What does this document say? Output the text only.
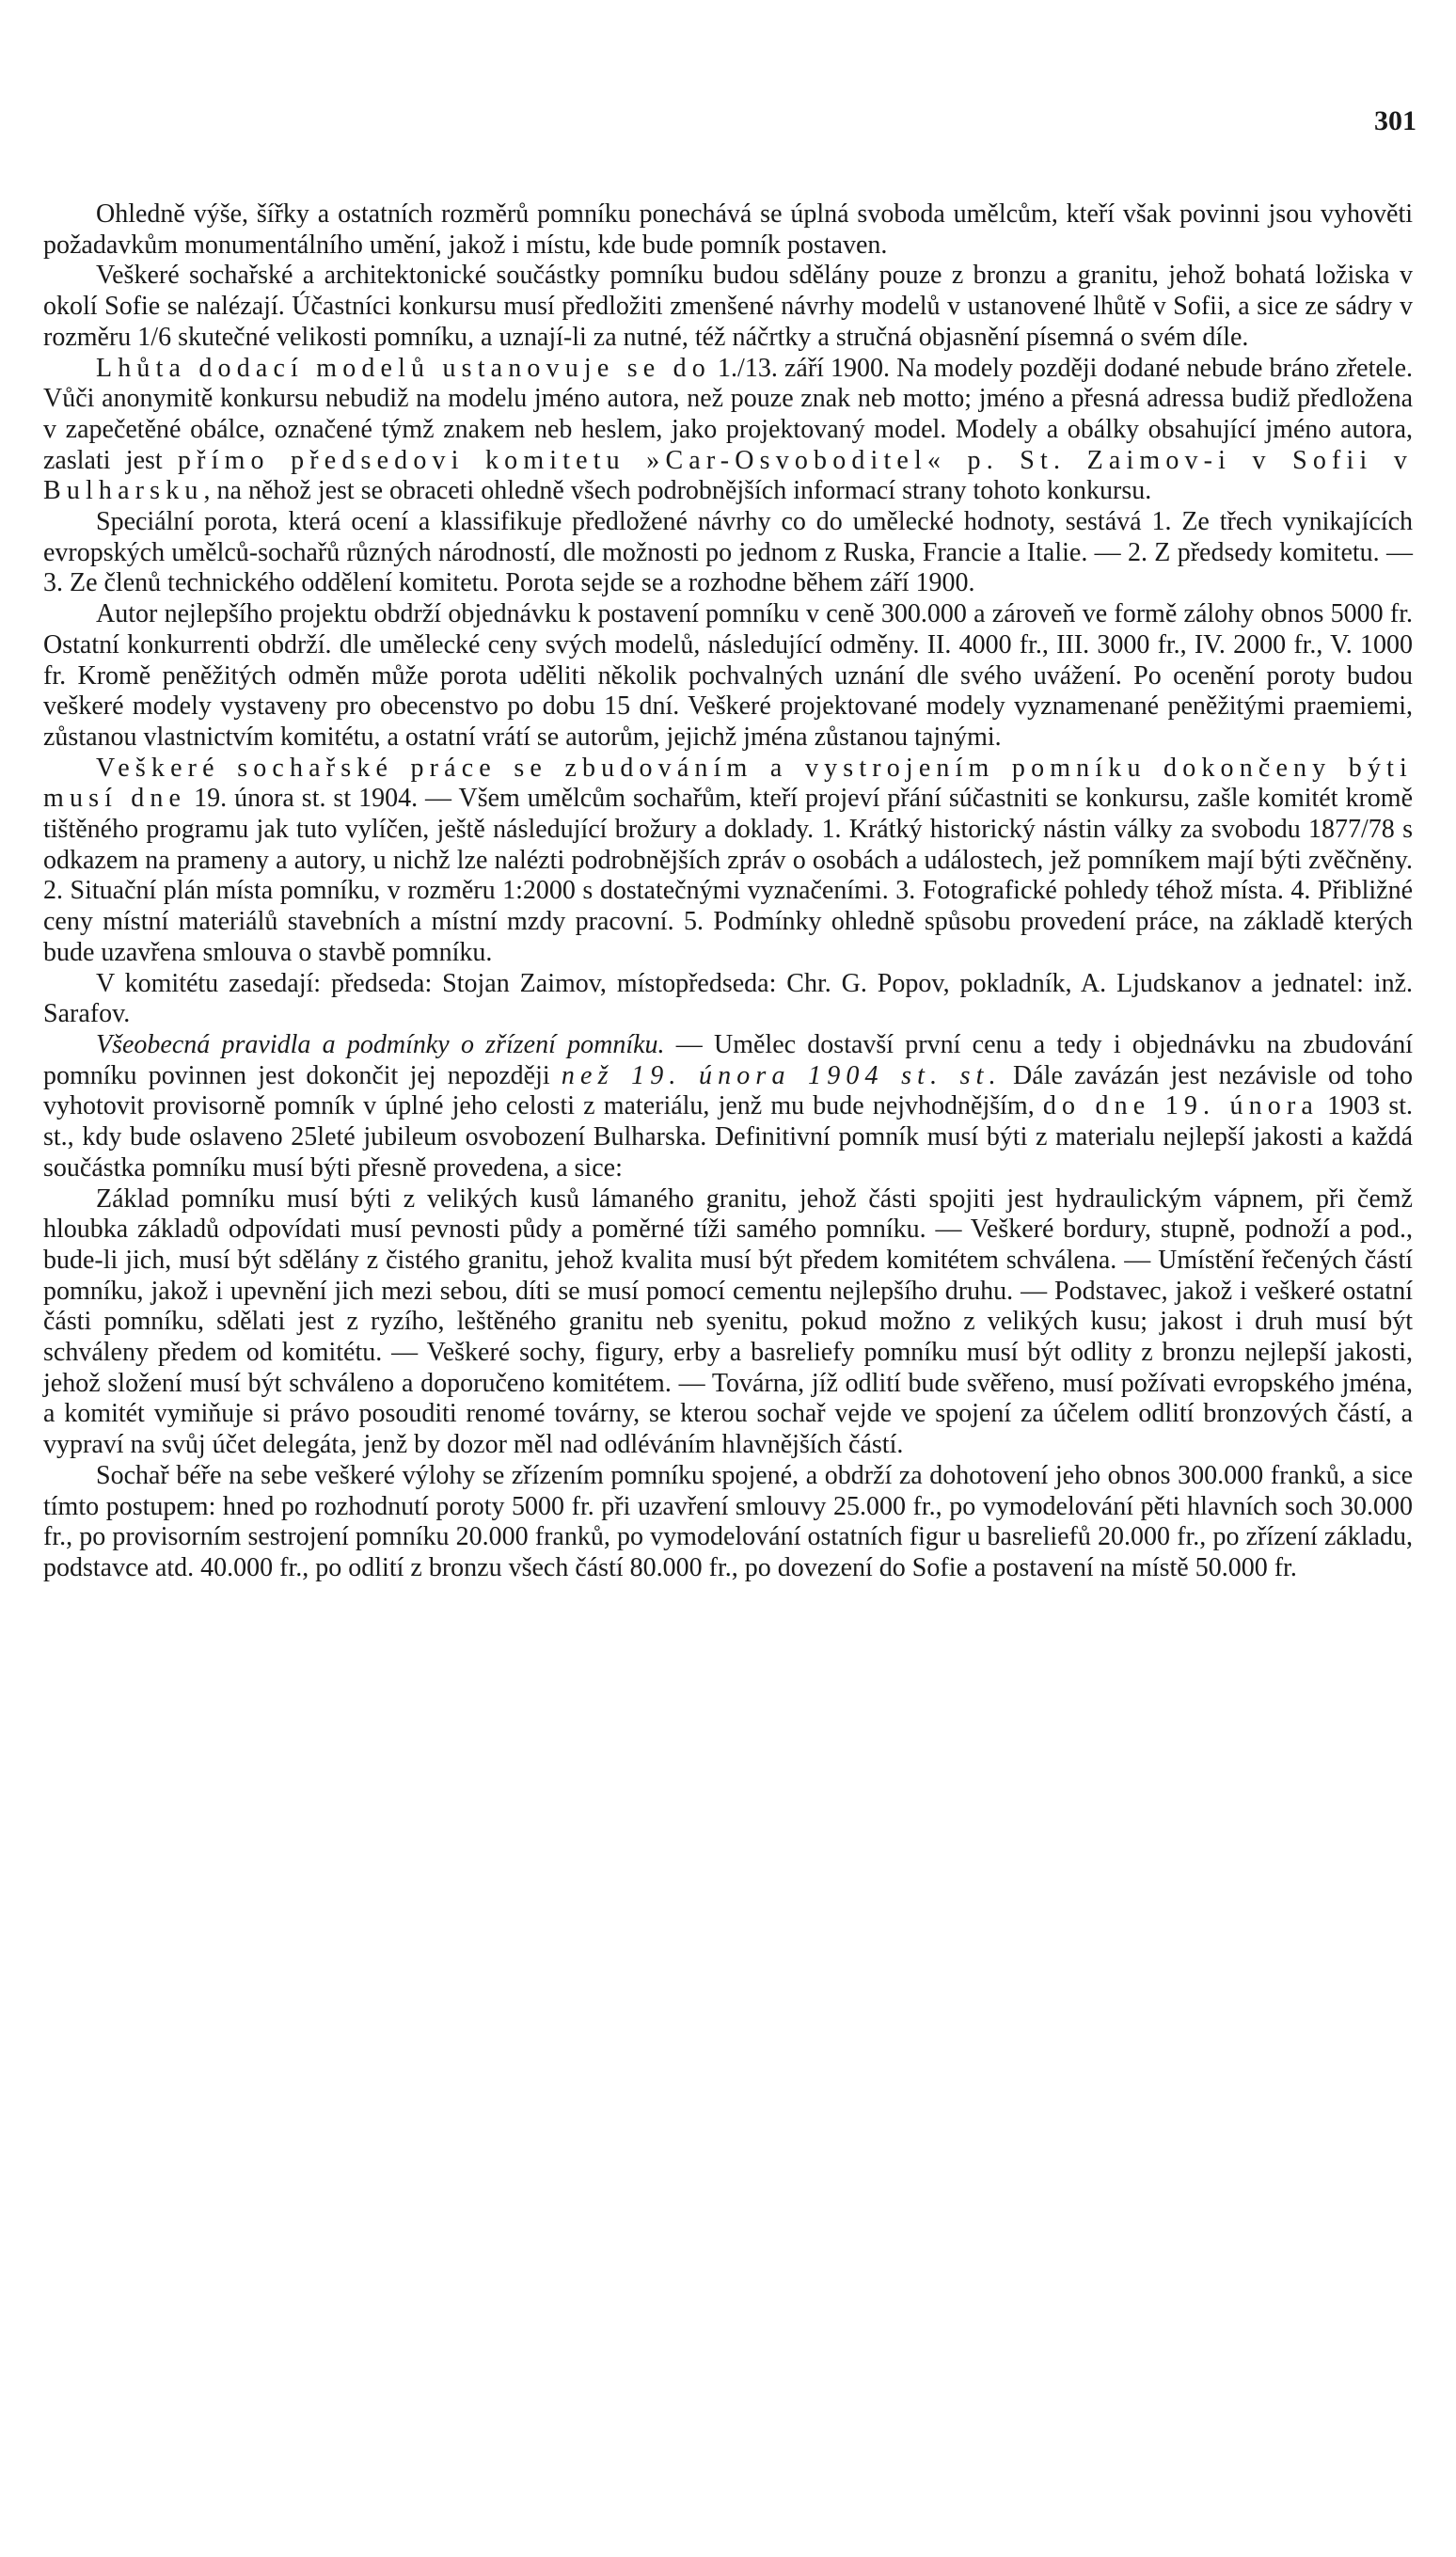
301

Ohledně výše, šířky a ostatních rozměrů pomníku ponechává se úplná svoboda umělcům, kteří však povinni jsou vyhověti požadavkům monumentálního umění, jakož i místu, kde bude pomník postaven.

Veškeré sochařské a architektonické součástky pomníku budou sdělány pouze z bronzu a granitu, jehož bohatá ložiska v okolí Sofie se nalézají. Účastníci konkursu musí předložiti zmenšené návrhy modelů v ustanovené lhůtě v Sofii, a sice ze sádry v rozměru 1/6 skutečné velikosti pomníku, a uznají-li za nutné, též náčrtky a stručná objasnění písemná o svém díle.

Lhůta dodací modelů ustanovuje se do 1./13. září 1900. Na modely později dodané nebude bráno zřetele. Vůči anonymitě konkursu nebudiž na modelu jméno autora, než pouze znak neb motto; jméno a přesná adressa budiž předložena v zapečetěné obálce, označené týmž znakem neb heslem, jako projektovaný model. Modely a obálky obsahující jméno autora, zaslati jest přímo předsedovi komitetu »Car-Osvoboditel« p. St. Zaimov-i v Sofii v Bulharsku, na něhož jest se obraceti ohledně všech podrobnějších informací strany tohoto konkursu.

Speciální porota, která ocení a klassifikuje předložené návrhy co do umělecké hodnoty, sestává 1. Ze třech vynikajících evropských umělců-sochařů různých národností, dle možnosti po jednom z Ruska, Francie a Italie. — 2. Z předsedy komitetu. — 3. Ze členů technického oddělení komitetu. Porota sejde se a rozhodne během září 1900.

Autor nejlepšího projektu obdrží objednávku k postavení pomníku v ceně 300.000 a zároveň ve formě zálohy obnos 5000 fr. Ostatní konkurrenti obdrží. dle umělecké ceny svých modelů, následující odměny. II. 4000 fr., III. 3000 fr., IV. 2000 fr., V. 1000 fr. Kromě peněžitých odměn může porota uděliti několik pochvalných uznání dle svého uvážení. Po ocenění poroty budou veškeré modely vystaveny pro obecenstvo po dobu 15 dní. Veškeré projektované modely vyznamenané peněžitými praemiemi, zůstanou vlastnictvím komitétu, a ostatní vrátí se autorům, jejichž jména zůstanou tajnými.

Veškeré sochařské práce se zbudováním a vystrojením pomníku dokončeny býti musí dne 19. února st. st 1904. — Všem umělcům sochařům, kteří projeví přání súčastniti se konkursu, zašle komitét kromě tištěného programu jak tuto vylíčen, ještě následující brožury a doklady. 1. Krátký historický nástin války za svobodu 1877/78 s odkazem na prameny a autory, u nichž lze nalézti podrobnějších zpráv o osobách a událostech, jež pomníkem mají býti zvěčněny. 2. Situační plán místa pomníku, v rozměru 1:2000 s dostatečnými vyznačeními. 3. Fotografické pohledy téhož místa. 4. Přibližné ceny místní materiálů stavebních a místní mzdy pracovní. 5. Podmínky ohledně spůsobu provedení práce, na základě kterých bude uzavřena smlouva o stavbě pomníku.

V komitétu zasedají: předseda: Stojan Zaimov, místopředseda: Chr. G. Popov, pokladník, A. Ljudskanov a jednatel: inž. Sarafov.

Všeobecná pravidla a podmínky o zřízení pomníku. — Umělec dostavší první cenu a tedy i objednávku na zbudování pomníku povinnen jest dokončit jej nepozději než 19. února 1904 st. st. Dále zavázán jest nezávisle od toho vyhotovit provisorně pomník v úplné jeho celosti z materiálu, jenž mu bude nejvhodnějším, do dne 19. února 1903 st. st., kdy bude oslaveno 25leté jubileum osvobození Bulharska. Definitivní pomník musí býti z materialu nejlepší jakosti a každá součástka pomníku musí býti přesně provedena, a sice:

Základ pomníku musí býti z velikých kusů lámaného granitu, jehož části spojiti jest hydraulickým vápnem, při čemž hloubka základů odpovídati musí pevnosti půdy a poměrné tíži samého pomníku. — Veškeré bordury, stupně, podnoží a pod., bude-li jich, musí být sdělány z čistého granitu, jehož kvalita musí být předem komitétem schválena. — Umístění řečených částí pomníku, jakož i upevnění jich mezi sebou, díti se musí pomocí cementu nejlepšího druhu. — Podstavec, jakož i veškeré ostatní části pomníku, sdělati jest z ryzího, leštěného granitu neb syenitu, pokud možno z velikých kusu; jakost i druh musí být schváleny předem od komitétu. — Veškeré sochy, figury, erby a basreliefy pomníku musí být odlity z bronzu nejlepší jakosti, jehož složení musí být schváleno a doporučeno komitétem. — Továrna, jíž odlití bude svěřeno, musí požívati evropského jména, a komitét vymiňuje si právo posouditi renomé továrny, se kterou sochař vejde ve spojení za účelem odlití bronzových částí, a vypraví na svůj účet delegáta, jenž by dozor měl nad odléváním hlavnějších částí.

Sochař béře na sebe veškeré výlohy se zřízením pomníku spojené, a obdrží za dohotovení jeho obnos 300.000 franků, a sice tímto postupem: hned po rozhodnutí poroty 5000 fr. při uzavření smlouvy 25.000 fr., po vymodelování pěti hlavních soch 30.000 fr., po provisorním sestrojení pomníku 20.000 franků, po vymodelování ostatních figur u basreliefů 20.000 fr., po zřízení základu, podstavce atd. 40.000 fr., po odlití z bronzu všech částí 80.000 fr., po dovezení do Sofie a postavení na místě 50.000 fr.
